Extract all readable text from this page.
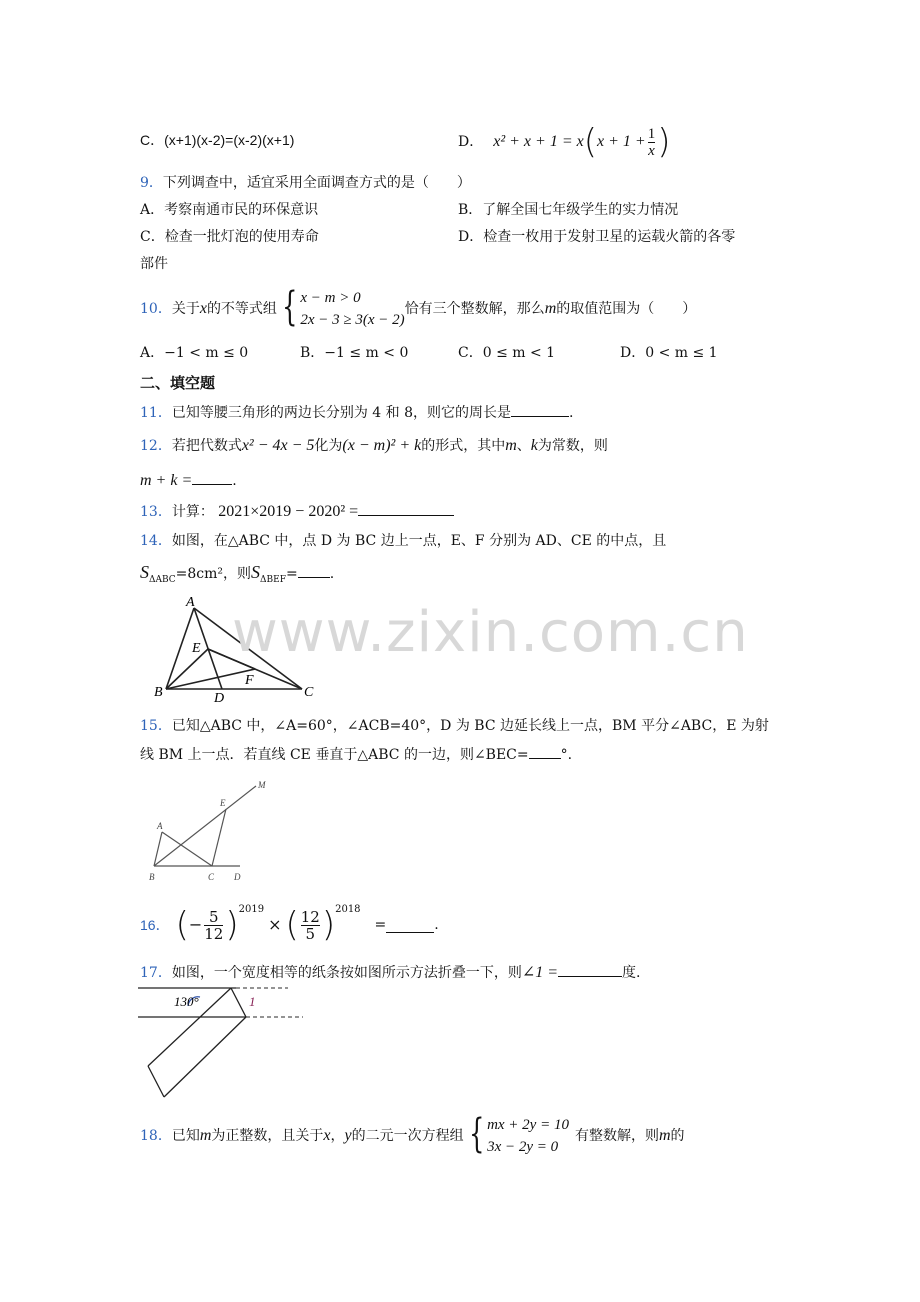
C．(x+1)(x-2)=(x-2)(x+1)	D． x² + x + 1 = x ( $x + 1 + \frac{1}{x}$ )
9．下列调查中，适宜采用全面调查方式的是（　　）
A．考察南通市民的环保意识	B．了解全国七年级学生的实力情况
C．检查一批灯泡的使用寿命	D．检查一枚用于发射卫星的运载火箭的各零
部件
10． 关于 x 的不等式组 { x − m > 0
2x − 3 ≥ 3(x − 2)
恰有三个整数解，那么 m 的取值范围为（　　）
A．−1 < m ≤ 0	B．−1 ≤ m < 0	C．0 ≤ m < 1	D．0 < m ≤ 1
二、填空题
11．已知等腰三角形的两边长分别为 4 和 8，则它的周长是	.
12． 若把代数式 x² − 4x − 5 化为 (x − m)² + k 的形式，其中 m 、 k 为常数，则
m + k =	.
13．计算： 2021×2019 − 2020² =
14．如图，在△ABC 中，点 D 为 BC 边上一点，E、F 分别为 AD、CE 的中点，且
$S_{\Delta ABC}=8cm^2$，则$S_{\Delta BEF}=$ .
A
E
F
B	D	C
www.zixin.com.cn
15．已知△ABC 中，∠A=60°，∠ACB=40°，D 为 BC 边延长线上一点，BM 平分∠ABC，E 为射
线 BM 上一点．若直线 CE 垂直于△ABC 的一边，则∠BEC= °.
M
E
A
B	C D
16． ( − $\frac{5}{12}$ ) 2019
× ( $\frac{12}{5}$ ) 2018
=	.
17．如图，一个宽度相等的纸条按如图所示方法折叠一下，则∠1 =	度.
130°	1
18． 已知 m 为正整数，且关于 x ， y 的二元一次方程组 { mx + 2y = 10
3x − 2y = 0
有整数解，则 m 的
